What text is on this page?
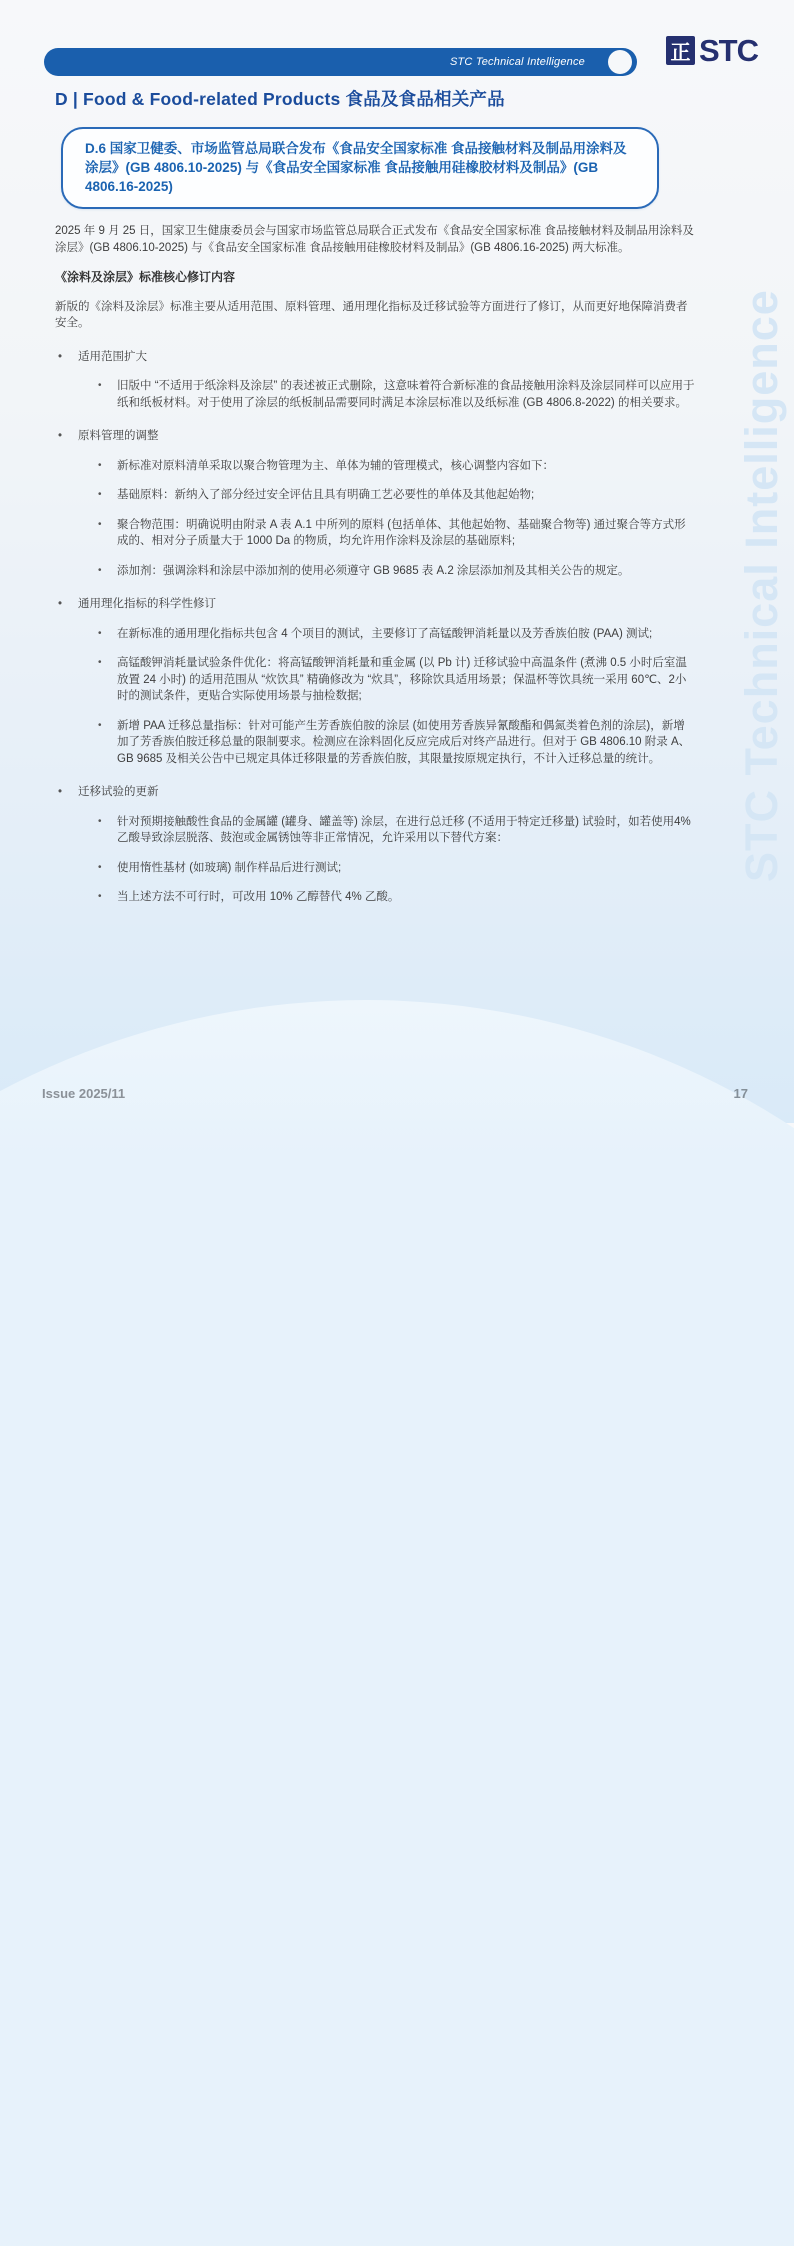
STC Technical Intelligence
STC Technical Intelligence	正 STC
D | Food & Food-related Products 食品及食品相关产品
D.6 国家卫健委、市场监管总局联合发布《食品安全国家标准 食品接触材料及制品用涂料及涂层》(GB 4806.10-2025) 与《食品安全国家标准 食品接触用硅橡胶材料及制品》(GB 4806.16-2025)

2025 年 9 月 25 日，国家卫生健康委员会与国家市场监管总局联合正式发布《食品安全国家标准 食品接触材料及制品用涂料及涂层》(GB 4806.10-2025) 与《食品安全国家标准 食品接触用硅橡胶材料及制品》(GB 4806.16-2025) 两大标准。

《涂料及涂层》标准核心修订内容

新版的《涂料及涂层》标准主要从适用范围、原料管理、通用理化指标及迁移试验等方面进行了修订，从而更好地保障消费者安全。

• 适用范围扩大
• 旧版中 “不适用于纸涂料及涂层” 的表述被正式删除，这意味着符合新标准的食品接触用涂料及涂层同样可以应用于纸和纸板材料。对于使用了涂层的纸板制品需要同时满足本涂层标准以及纸标准 (GB 4806.8-2022) 的相关要求。
• 原料管理的调整
• 新标准对原料清单采取以聚合物管理为主、单体为辅的管理模式，核心调整内容如下：
• 基础原料：新纳入了部分经过安全评估且具有明确工艺必要性的单体及其他起始物;
• 聚合物范围：明确说明由附录 A 表 A.1 中所列的原料 (包括单体、其他起始物、基础聚合物等) 通过聚合等方式形成的、相对分子质量大于 1000 Da 的物质，均允许用作涂料及涂层的基础原料;
• 添加剂：强调涂料和涂层中添加剂的使用必须遵守 GB 9685 表 A.2 涂层添加剂及其相关公告的规定。
• 通用理化指标的科学性修订
• 在新标准的通用理化指标共包含 4 个项目的测试，主要修订了高锰酸钾消耗量以及芳香族伯胺 (PAA) 测试;
• 高锰酸钾消耗量试验条件优化：将高锰酸钾消耗量和重金属 (以 Pb 计) 迁移试验中高温条件 (煮沸 0.5 小时后室温放置 24 小时) 的适用范围从 “炊饮具” 精确修改为 “炊具”，移除饮具适用场景；保温杯等饮具统一采用 60℃、2小时的测试条件，更贴合实际使用场景与抽检数据;
• 新增 PAA 迁移总量指标：针对可能产生芳香族伯胺的涂层 (如使用芳香族异氰酸酯和偶氮类着色剂的涂层)，新增加了芳香族伯胺迁移总量的限制要求。检测应在涂料固化反应完成后对终产品进行。但对于 GB 4806.10 附录 A、GB 9685 及相关公告中已规定具体迁移限量的芳香族伯胺，其限量按原规定执行，不计入迁移总量的统计。
• 迁移试验的更新
• 针对预期接触酸性食品的金属罐 (罐身、罐盖等) 涂层，在进行总迁移 (不适用于特定迁移量) 试验时，如若使用4%乙酸导致涂层脱落、鼓泡或金属锈蚀等非正常情况，允许采用以下替代方案：
• 使用惰性基材 (如玻璃) 制作样品后进行测试;
• 当上述方法不可行时，可改用 10% 乙醇替代 4% 乙酸。
Issue 2025/11	17
